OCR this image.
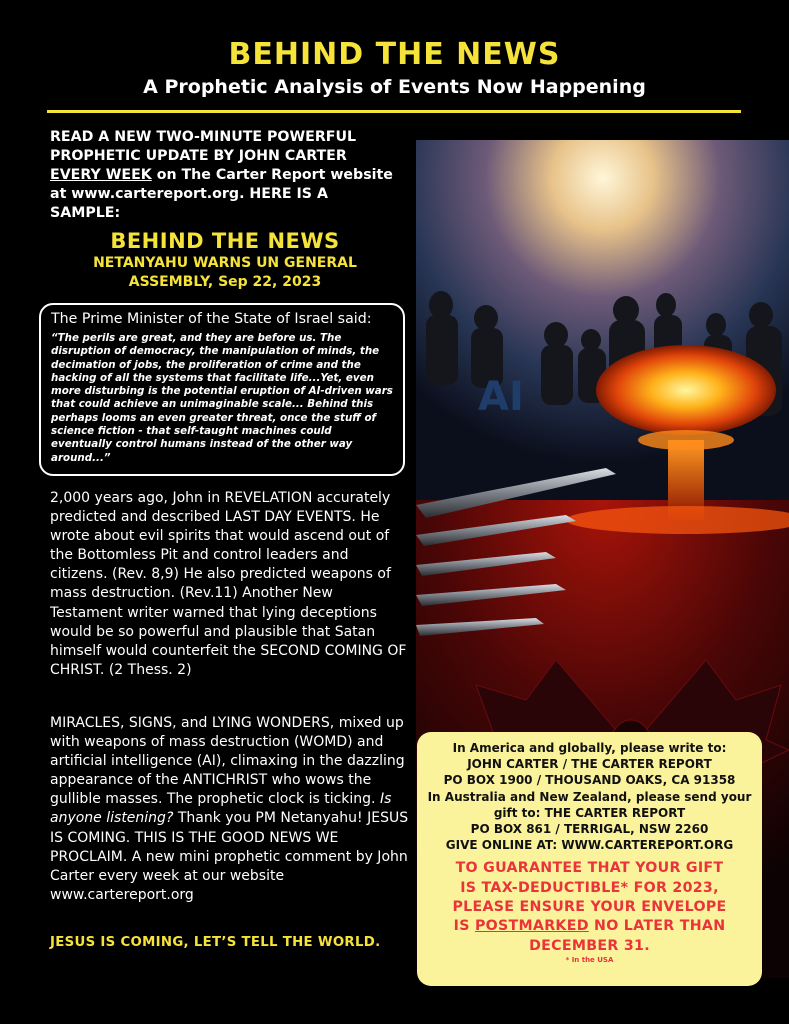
BEHIND THE NEWS
A Prophetic Analysis of Events Now Happening
READ A NEW TWO-MINUTE POWERFUL
PROPHETIC UPDATE BY JOHN CARTER
EVERY WEEK on The Carter Report website
at www.cartereport.org. HERE IS A SAMPLE:
BEHIND THE NEWS
NETANYAHU WARNS UN GENERAL
ASSEMBLY, Sep 22, 2023
The Prime Minister of the State of Israel said:
“The perils are great, and they are before us. The disruption of democracy, the manipulation of minds, the decimation of jobs, the proliferation of crime and the hacking of all the systems that facilitate life...Yet, even more disturbing is the potential eruption of AI-driven wars that could achieve an unimaginable scale... Behind this perhaps looms an even greater threat, once the stuff of science fiction - that self-taught machines could eventually control humans instead of the other way around...”
2,000 years ago, John in REVELATION accurately predicted and described LAST DAY EVENTS. He wrote about evil spirits that would ascend out of the Bottomless Pit and control leaders and citizens. (Rev. 8,9) He also predicted weapons of mass destruction. (Rev.11) Another New Testament writer warned that lying deceptions would be so powerful and plausible that Satan himself would counterfeit the SECOND COMING OF CHRIST. (2 Thess. 2)
MIRACLES, SIGNS, and LYING WONDERS, mixed up with weapons of mass destruction (WOMD) and artificial intelligence (AI), climaxing in the dazzling appearance of the ANTICHRIST who wows the gullible masses. The prophetic clock is ticking. Is anyone listening? Thank you PM Netanyahu! JESUS IS COMING. THIS IS THE GOOD NEWS WE PROCLAIM. A new mini prophetic comment by John Carter every week at our website www.cartereport.org
JESUS IS COMING, LET’S TELL THE WORLD.
AI
In America and globally, please write to:
JOHN CARTER / THE CARTER REPORT
PO BOX 1900 / THOUSAND OAKS, CA 91358
In Australia and New Zealand, please send your
gift to: THE CARTER REPORT
PO BOX 861 / TERRIGAL, NSW 2260
GIVE ONLINE AT: WWW.CARTEREPORT.ORG
TO GUARANTEE THAT YOUR GIFT
IS TAX-DEDUCTIBLE* FOR 2023,
PLEASE ENSURE YOUR ENVELOPE
IS POSTMARKED NO LATER THAN
DECEMBER 31.
* In the USA
